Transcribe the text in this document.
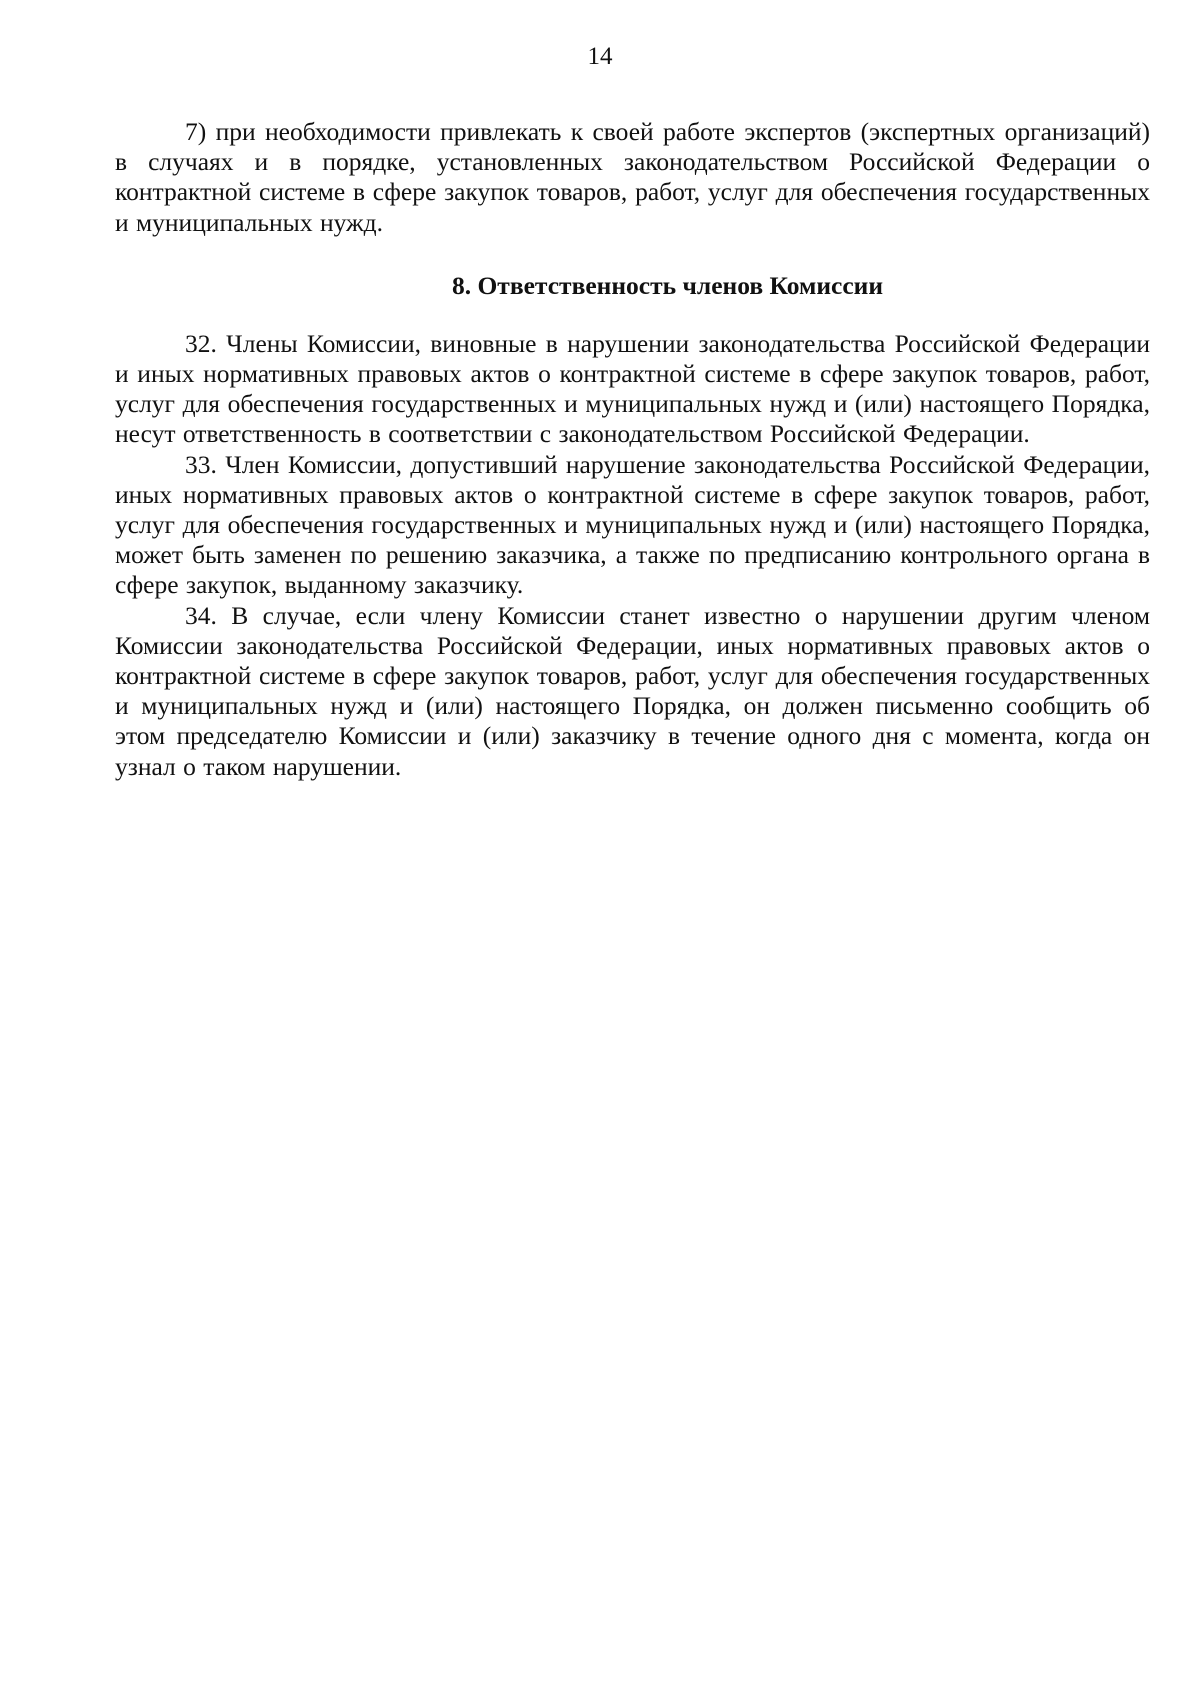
14

7) при необходимости привлекать к своей работе экспертов (экспертных организаций) в случаях и в порядке, установленных законодательством Российской Федерации о контрактной системе в сфере закупок товаров, работ, услуг для обеспечения государственных и муниципальных нужд.

8. Ответственность членов Комиссии

32. Члены Комиссии, виновные в нарушении законодательства Российской Федерации и иных нормативных правовых актов о контрактной системе в сфере закупок товаров, работ, услуг для обеспечения государственных и муниципальных нужд и (или) настоящего Порядка, несут ответственность в соответствии с законодательством Российской Федерации.

33. Член Комиссии, допустивший нарушение законодательства Российской Федерации, иных нормативных правовых актов о контрактной системе в сфере закупок товаров, работ, услуг для обеспечения государственных и муниципальных нужд и (или) настоящего Порядка, может быть заменен по решению заказчика, а также по предписанию контрольного органа в сфере закупок, выданному заказчику.

34. В случае, если члену Комиссии станет известно о нарушении другим членом Комиссии законодательства Российской Федерации, иных нормативных правовых актов о контрактной системе в сфере закупок товаров, работ, услуг для обеспечения государственных и муниципальных нужд и (или) настоящего Порядка, он должен письменно сообщить об этом председателю Комиссии и (или) заказчику в течение одного дня с момента, когда он узнал о таком нарушении.
